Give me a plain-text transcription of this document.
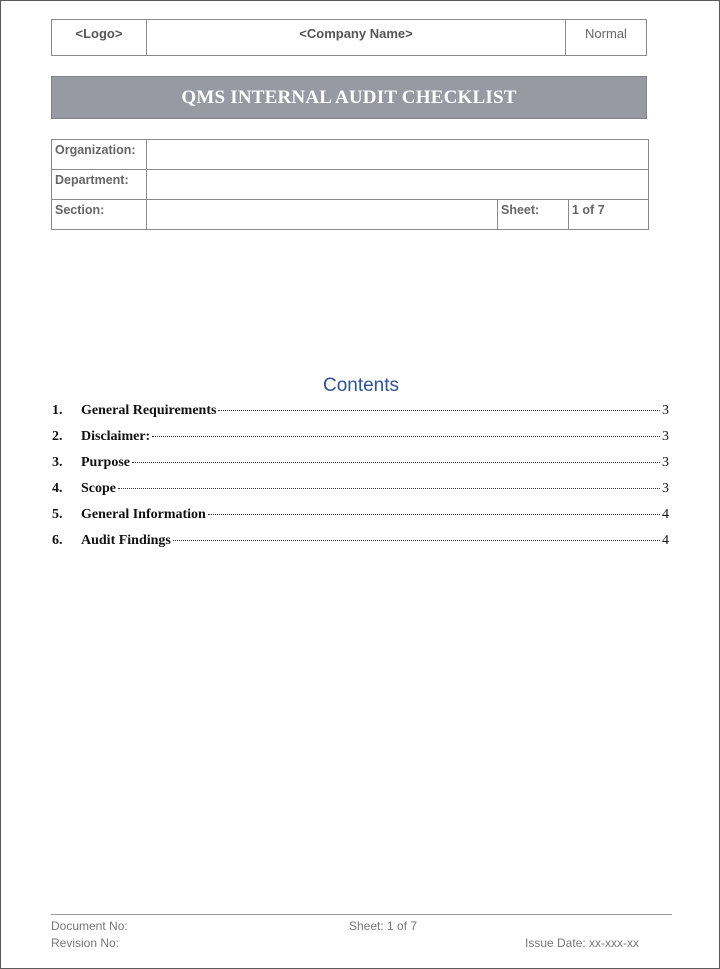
<Logo>	<Company Name>	Normal
QMS INTERNAL AUDIT CHECKLIST
Organization:			
Department:			
Section:		Sheet:	1 of 7
Contents
1.	General Requirements	3
2.	Disclaimer:	3
3.	Purpose	3
4.	Scope	3
5.	General Information	4
6.	Audit Findings	4
Document No:
Revision No:
Sheet: 1 of 7
Issue Date: xx-xxx-xx
